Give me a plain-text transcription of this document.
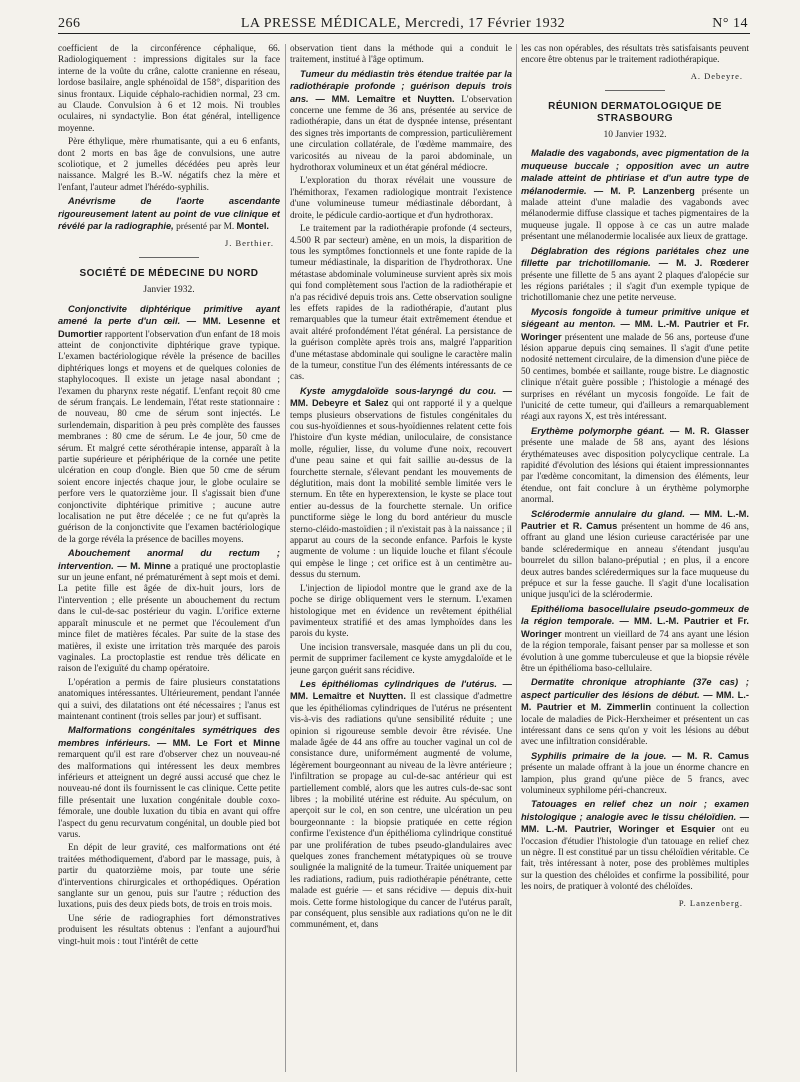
266	LA PRESSE MÉDICALE, Mercredi, 17 Février 1932	N° 14

coefficient de la circonférence céphalique, 66. Radiologiquement : impressions digitales sur la face interne de la voûte du crâne, calotte cranienne en réseau, lordose basilaire, angle sphénoïdal de 158°, disparition des sinus frontaux. Liquide céphalo-rachidien normal, 23 cm. au Claude. Convulsion à 6 et 12 mois. Ni troubles oculaires, ni syndactylie. Bon état général, intelligence moyenne.

Père éthylique, mère rhumatisante, qui a eu 6 enfants, dont 2 morts en bas âge de convulsions, une autre scoliotique, et 2 jumelles décédées peu après leur naissance. Malgré les B.-W. négatifs chez la mère et l'enfant, l'auteur admet l'hérédo-syphilis.

Anévrisme de l'aorte ascendante rigoureusement latent au point de vue clinique et révélé par la radiographie, présenté par M. Montel.

J. Berthier.

SOCIÉTÉ DE MÉDECINE DU NORD

Janvier 1932.

Conjonctivite diphtérique primitive ayant amené la perte d'un œil. — MM. Lesenne et Dumortier rapportent l'observation d'un enfant de 18 mois atteint de conjonctivite diphtérique grave typique. L'examen bactériologique révèle la présence de bacilles diphtériques longs et moyens et de quelques colonies de staphylocoques. Il existe un jetage nasal abondant ; l'examen du pharynx reste négatif. L'enfant reçoit 80 cme de sérum français. Le lendemain, l'état reste stationnaire : de nouveau, 80 cme de sérum sont injectés. Le surlendemain, disparition à peu près complète des fausses membranes : 80 cme de sérum. Le 4e jour, 50 cme de sérum. Et malgré cette sérothérapie intense, apparaît à la partie supérieure et périphérique de la cornée une petite ulcération en coup d'ongle. Bien que 50 cme de sérum soient encore injectés chaque jour, le globe oculaire se perfore vers le quatorzième jour. Il s'agissait bien d'une conjonctivite diphtérique primitive ; aucune autre localisation ne put être décelée ; ce ne fut qu'après la guérison de la conjonctivite que l'examen bactériologique de la gorge révéla la présence de bacilles moyens.

Abouchement anormal du rectum ; intervention. — M. Minne a pratiqué une proctoplastie sur un jeune enfant, né prématurément à sept mois et demi. La petite fille est âgée de dix-huit jours, lors de l'intervention ; elle présente un abouchement du rectum dans le cul-de-sac postérieur du vagin. L'orifice externe apparaît minuscule et ne permet que l'écoulement d'un mince filet de matières fécales. Par suite de la stase des matières, il existe une irritation très marquée des parois vaginales. La proctoplastie est rendue très délicate en raison de l'exiguïté du champ opératoire.

L'opération a permis de faire plusieurs constatations anatomiques intéressantes. Ultérieurement, pendant l'année qui a suivi, des dilatations ont été nécessaires ; l'anus est maintenant continent (trois selles par jour) et suffisant.

Malformations congénitales symétriques des membres inférieurs. — MM. Le Fort et Minne remarquent qu'il est rare d'observer chez un nouveau-né des malformations qui intéressent les deux membres inférieurs et atteignent un degré aussi accusé que chez le nouveau-né dont ils fournissent le cas clinique. Cette petite fille présentait une luxation congénitale double coxo-fémorale, une double luxation du tibia en avant qui offre l'aspect du genu recurvatum congénital, un double pied bot varus.

En dépit de leur gravité, ces malformations ont été traitées méthodiquement, d'abord par le massage, puis, à partir du quatorzième mois, par toute une série d'interventions chirurgicales et orthopédiques. Opération sanglante sur un genou, puis sur l'autre ; réduction des luxations, puis des deux pieds bots, de trois en trois mois.

Une série de radiographies fort démonstratives produisent les résultats obtenus : l'enfant a aujourd'hui vingt-huit mois : tout l'intérêt de cette

observation tient dans la méthode qui a conduit le traitement, institué à l'âge optimum.

Tumeur du médiastin très étendue traitée par la radiothérapie profonde ; guérison depuis trois ans. — MM. Lemaître et Nuytten. L'observation concerne une femme de 36 ans, présentée au service de radiothérapie, dans un état de dyspnée intense, présentant des signes très importants de compression, particulièrement une circulation collatérale, de l'œdème mammaire, des varicosités au niveau de la paroi abdominale, un hydrothorax volumineux et un état général médiocre.

L'exploration du thorax révélait une voussure de l'hémithorax, l'examen radiologique montrait l'existence d'une volumineuse tumeur médiastinale débordant, à droite, le pédicule cardio-aortique et d'un hydrothorax.

Le traitement par la radiothérapie profonde (4 secteurs, 4.500 R par secteur) amène, en un mois, la disparition de tous les symptômes fonctionnels et une fonte rapide de la tumeur médiastinale, la disparition de l'hydrothorax. Une métastase abdominale volumineuse survient après six mois qui fond complètement sous l'action de la radiothérapie et n'a pas récidivé depuis trois ans. Cette observation souligne les effets rapides de la radiothérapie, d'autant plus remarquables que la tumeur était extrêmement étendue et avait altéré profondément l'état général. La persistance de la guérison complète après trois ans, malgré l'apparition d'une métastase abdominale qui souligne le caractère malin de la tumeur, constitue l'un des éléments intéressants de ce cas.

Kyste amygdaloïde sous-laryngé du cou. — MM. Debeyre et Salez qui ont rapporté il y a quelque temps plusieurs observations de fistules congénitales du cou sus-hyoïdiennes et sous-hyoïdiennes relatent cette fois l'histoire d'un kyste médian, uniloculaire, de consistance molle, régulier, lisse, du volume d'une noix, recouvert d'une peau saine et qui fait saillie au-dessus de la fourchette sternale, s'élevant pendant les mouvements de déglutition, mais dont la mobilité semble limitée vers le sternum. En tête en hyperextension, le kyste se place tout entier au-dessus de la fourchette sternale. Un orifice punctiforme siège le long du bord antérieur du muscle sterno-cléido-mastoïdien ; il n'existait pas à la naissance ; il apparut au cours de la seconde enfance. Parfois le kyste augmente de volume : un liquide louche et filant s'écoule qui empèse le linge ; cet orifice est à un centimètre au-dessus du sternum.

L'injection de lipiodol montre que le grand axe de la poche se dirige obliquement vers le sternum. L'examen histologique met en évidence un revêtement épithélial pavimenteux stratifié et des amas lymphoïdes dans les parois du kyste.

Une incision transversale, masquée dans un pli du cou, permit de supprimer facilement ce kyste amygdaloïde et le jeune garçon guérit sans récidive.

Les épithéliomas cylindriques de l'utérus. — MM. Lemaître et Nuytten. Il est classique d'admettre que les épithéliomas cylindriques de l'utérus ne présentent vis-à-vis des radiations qu'une sensibilité réduite ; une opinion si rigoureuse semble devoir être révisée. Une malade âgée de 44 ans offre au toucher vaginal un col de consistance dure, uniformément augmenté de volume, légèrement bourgeonnant au niveau de la lèvre antérieure ; l'infiltration se propage au cul-de-sac antérieur qui est partiellement comblé, alors que les autres culs-de-sac sont libres ; la mobilité utérine est réduite. Au spéculum, on aperçoit sur le col, en son centre, une ulcération un peu bourgeonnante : la biopsie pratiquée en cette région confirme l'existence d'un épithélioma cylindrique constitué par une prolifération de tubes pseudo-glandulaires avec quelques zones franchement métatypiques où se trouve soulignée la malignité de la tumeur. Traitée uniquement par les radiations, radium, puis radiothérapie pénétrante, cette malade est guérie — et sans récidive — depuis dix-huit mois. Cette forme histologique du cancer de l'utérus paraît, par conséquent, plus sensible aux radiations qu'on ne le dit communément, et, dans

les cas non opérables, des résultats très satisfaisants peuvent encore être obtenus par le traitement radiothérapique.

A. Debeyre.

RÉUNION DERMATOLOGIQUE DE STRASBOURG

10 Janvier 1932.

Maladie des vagabonds, avec pigmentation de la muqueuse buccale ; opposition avec un autre malade atteint de phtiriase et d'un autre type de mélanodermie. — M. P. Lanzenberg présente un malade atteint d'une maladie des vagabonds avec mélanodermie diffuse classique et taches pigmentaires de la muqueuse jugale. Il oppose à ce cas un autre malade présentant une mélanodermie localisée aux lieux de grattage.

Déglabration des régions pariétales chez une fillette par trichotillomanie. — M. J. Rœderer présente une fillette de 5 ans ayant 2 plaques d'alopécie sur les régions pariétales ; il s'agit d'un exemple typique de trichotillomanie chez une petite nerveuse.

Mycosis fongoïde à tumeur primitive unique et siégeant au menton. — MM. L.-M. Pautrier et Fr. Woringer présentent une malade de 56 ans, porteuse d'une lésion apparue depuis cinq semaines. Il s'agit d'une petite nodosité nettement circulaire, de la dimension d'une pièce de 50 centimes, bombée et saillante, rouge bistre. Le diagnostic clinique n'était guère possible ; l'histologie a ménagé des surprises en révélant un mycosis fongoïde. Le fait de l'unicité de cette tumeur, qui d'ailleurs a remarquablement réagi aux rayons X, est très intéressant.

Erythème polymorphe géant. — M. R. Glasser présente une malade de 58 ans, ayant des lésions érythémateuses avec disposition polycyclique centrale. La rapidité d'évolution des lésions qui étaient impressionnantes par l'œdème concomitant, la dimension des éléments, leur étendue, ont fait conclure à un érythème polymorphe anormal.

Sclérodermie annulaire du gland. — MM. L.-M. Pautrier et R. Camus présentent un homme de 46 ans, offrant au gland une lésion curieuse caractérisée par une bande scléredermique en anneau s'étendant jusqu'au bourrelet du sillon balano-préputial ; en plus, il a encore deux autres bandes scléredermiques sur la face muqueuse du prépuce et sur la fesse gauche. Il s'agit d'une localisation unique jusqu'ici de la sclérodermie.

Epithélioma basocellulaire pseudo-gommeux de la région temporale. — MM. L.-M. Pautrier et Fr. Woringer montrent un vieillard de 74 ans ayant une lésion de la région temporale, faisant penser par sa mollesse et son évolution à une gomme tuberculeuse et que la biopsie révèle être un épithélioma baso-cellulaire.

Dermatite chronique atrophiante (37e cas) ; aspect particulier des lésions de début. — MM. L.-M. Pautrier et M. Zimmerlin continuent la collection locale de maladies de Pick-Herxheimer et présentent un cas intéressant dans ce sens qu'on y voit les lésions au début avec une infiltration considérable.

Syphilis primaire de la joue. — M. R. Camus présente un malade offrant à la joue un énorme chancre en lampion, plus grand qu'une pièce de 5 francs, avec volumineux syphilome péri-chancreux.

Tatouages en relief chez un noir ; examen histologique ; analogie avec le tissu chéloïdien. — MM. L.-M. Pautrier, Woringer et Esquier ont eu l'occasion d'étudier l'histologie d'un tatouage en relief chez un nègre. Il est constitué par un tissu chéloïdien véritable. Ce fait, très intéressant à noter, pose des problèmes multiples sur la question des chéloïdes et confirme la possibilité, pour les noirs, de pratiquer à volonté des chéloïdes.

P. Lanzenberg.
